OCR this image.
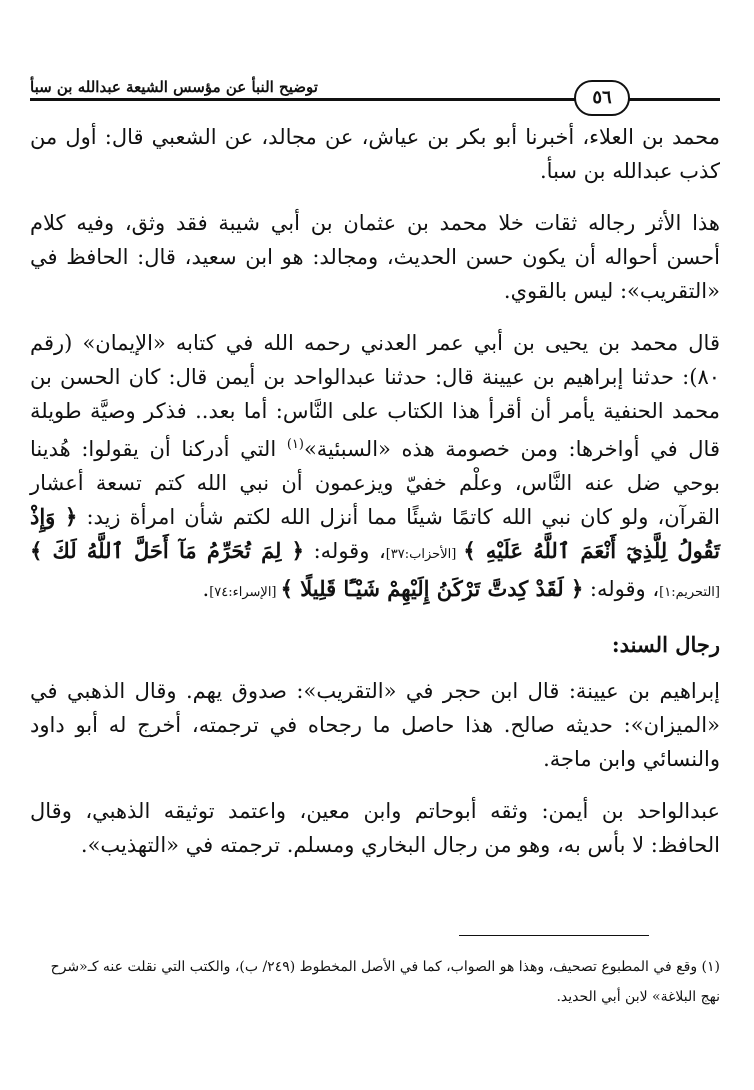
توضيح النبأ عن مؤسس الشيعة عبدالله بن سبأ	٥٦

محمد بن العلاء، أخبرنا أبو بكر بن عياش، عن مجالد، عن الشعبي قال: أول من كذب عبدالله بن سبأ.

هذا الأثر رجاله ثقات خلا محمد بن عثمان بن أبي شيبة فقد وثق، وفيه كلام أحسن أحواله أن يكون حسن الحديث، ومجالد: هو ابن سعيد، قال: الحافظ في «التقريب»: ليس بالقوي.

قال محمد بن يحيى بن أبي عمر العدني رحمه الله في كتابه «الإيمان» (رقم ٨٠): حدثنا إبراهيم بن عيينة قال: حدثنا عبدالواحد بن أيمن قال: كان الحسن بن محمد الحنفية يأمر أن أقرأ هذا الكتاب على النَّاس: أما بعد.. فذكر وصيَّة طويلة قال في أواخرها: ومن خصومة هذه «السبئية»$^{(١)}$ التي أدركنا أن يقولوا: هُدينا بوحي ضل عنه النَّاس، وعلْم خفيّ ويزعمون أن نبي الله كتم تسعة أعشار القرآن، ولو كان نبي الله كاتمًا شيئًا مما أنزل الله لكتم شأن امرأة زيد: ﴿ وَإِذْ تَقُولُ لِلَّذِيٓ أَنْعَمَ ٱللَّهُ عَلَيْهِ ﴾ [الأحزاب:٣٧]، وقوله: ﴿ لِمَ تُحَرِّمُ مَآ أَحَلَّ ٱللَّهُ لَكَ ﴾ [التحريم:١]، وقوله: ﴿ لَقَدْ كِدتَّ تَرْكَنُ إِلَيْهِمْ شَيْـًٔا قَلِيلًا ﴾ [الإسراء:٧٤].

رجال السند:

إبراهيم بن عيينة: قال ابن حجر في «التقريب»: صدوق يهم. وقال الذهبي في «الميزان»: حديثه صالح. هذا حاصل ما رجحاه في ترجمته، أخرج له أبو داود والنسائي وابن ماجة.

عبدالواحد بن أيمن: وثقه أبوحاتم وابن معين، واعتمد توثيقه الذهبي، وقال الحافظ: لا بأس به، وهو من رجال البخاري ومسلم. ترجمته في «التهذيب».

(١) وقع في المطبوع تصحيف، وهذا هو الصواب، كما في الأصل المخطوط (٢٤٩/ ب)، والكتب التي نقلت عنه كـ«شرح نهج البلاغة» لابن أبي الحديد.
